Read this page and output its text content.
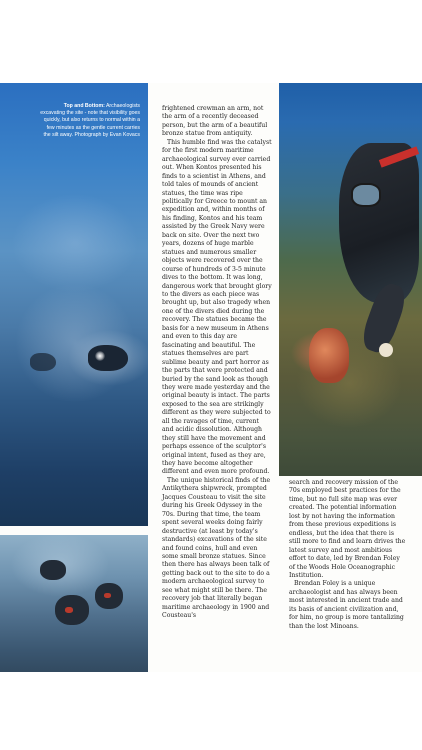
Top and Bottom: Archaeologists excavating the site - note that visibility goes quickly, but also returns to normal within a few minutes as the gentle current carries the silt away. Photograph by Evan Kovacs

frightened crewman an arm, not the arm of a recently deceased person, but the arm of a beautiful bronze statue from antiquity.

This humble find was the catalyst for the first modern maritime archaeological survey ever carried out. When Kontos presented his finds to a scientist in Athens, and told tales of mounds of ancient statues, the time was ripe politically for Greece to mount an expedition and, within months of his finding, Kontos and his team assisted by the Greek Navy were back on site. Over the next two years, dozens of huge marble statues and numerous smaller objects were recovered over the course of hundreds of 3-5 minute dives to the bottom. It was long, dangerous work that brought glory to the divers as each piece was brought up, but also tragedy when one of the divers died during the recovery. The statues became the basis for a new museum in Athens and even to this day are fascinating and beautiful. The statues themselves are part sublime beauty and part horror as the parts that were protected and buried by the sand look as though they were made yesterday and the original beauty is intact. The parts exposed to the sea are strikingly different as they were subjected to all the ravages of time, current and acidic dissolution. Although they still have the movement and perhaps essence of the sculptor's original intent, fused as they are, they have become altogether different and even more profound.

The unique historical finds of the Antikythera shipwreck, prompted Jacques Cousteau to visit the site during his Greek Odyssey in the 70s. During that time, the team spent several weeks doing fairly destructive (at least by today's standards) excavations of the site and found coins, hull and even some small bronze statues. Since then there has always been talk of getting back out to the site to do a modern archaeological survey to see what might still be there. The recovery job that literally began maritime archaeology in 1900 and Cousteau's

search and recovery mission of the 70s employed best practices for the time, but no full site map was ever created. The potential information lost by not having the information from these previous expeditions is endless, but the idea that there is still more to find and learn drives the latest survey and most ambitious effort to date, led by Brendan Foley of the Woods Hole Oceanographic Institution.

Brendan Foley is a unique archaeologist and has always been most interested in ancient trade and its basis of ancient civilization and, for him, no group is more tantalizing than the lost Minoans.
